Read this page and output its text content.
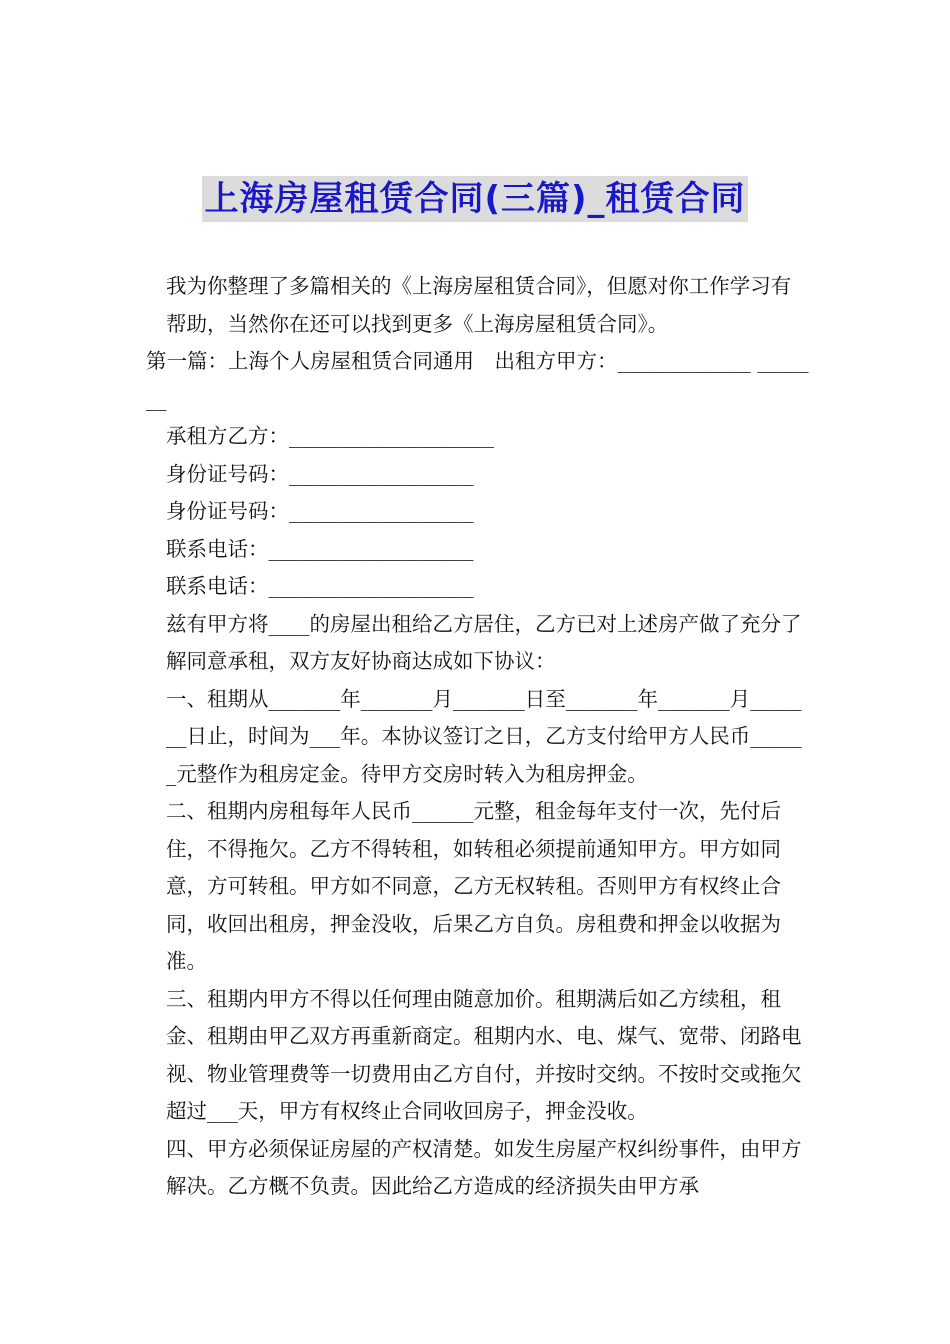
上海房屋租赁合同(三篇)_租赁合同

我为你整理了多篇相关的《上海房屋租赁合同》，但愿对你工作学习有帮助，当然你在还可以找到更多《上海房屋租赁合同》。

第一篇：上海个人房屋租赁合同通用　出租方甲方：_____________ _______

承租方乙方：____________________

身份证号码：__________________

身份证号码：__________________

联系电话：____________________

联系电话：____________________

兹有甲方将____的房屋出租给乙方居住，乙方已对上述房产做了充分了解同意承租，双方友好协商达成如下协议：

一、租期从_______年_______月_______日至_______年_______月_______日止，时间为___年。本协议签订之日，乙方支付给甲方人民币______元整作为租房定金。待甲方交房时转入为租房押金。

二、租期内房租每年人民币______元整，租金每年支付一次，先付后住，不得拖欠。乙方不得转租，如转租必须提前通知甲方。甲方如同意，方可转租。甲方如不同意，乙方无权转租。否则甲方有权终止合同，收回出租房，押金没收，后果乙方自负。房租费和押金以收据为准。

三、租期内甲方不得以任何理由随意加价。租期满后如乙方续租，租金、租期由甲乙双方再重新商定。租期内水、电、煤气、宽带、闭路电视、物业管理费等一切费用由乙方自付，并按时交纳。不按时交或拖欠超过___天，甲方有权终止合同收回房子，押金没收。

四、甲方必须保证房屋的产权清楚。如发生房屋产权纠纷事件，由甲方解决。乙方概不负责。因此给乙方造成的经济损失由甲方承
